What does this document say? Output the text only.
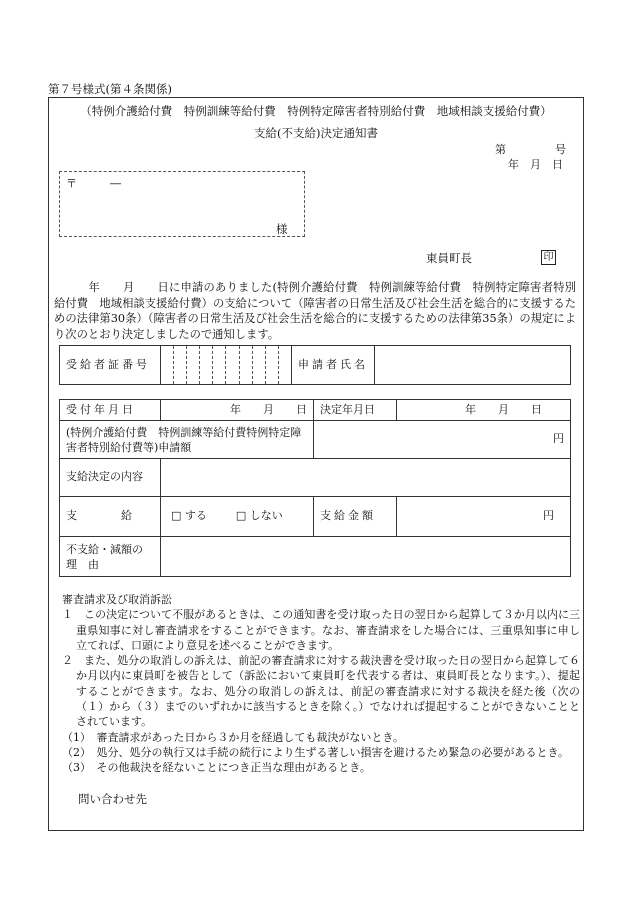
第７号様式(第４条関係)
（特例介護給付費　特例訓練等給付費　特例特定障害者特別給付費　地域相談支援給付費）
支給(不支給)決定通知書
第	号
年　月　日
〒	―
様
東員町長	印
　　　年　　月　　日に申請のありました(特例介護給付費　特例訓練等給付費　特例特定障害者特別給付費　地域相談支援給付費）の支給について（障害者の日常生活及び社会生活を総合的に支援するための法律第30条）（障害者の日常生活及び社会生活を総合的に支援するための法律第35条）の規定により次のとおり決定しましたので通知します。
受給者証番号		申請者氏名	
受付年月日	年　　月　　日	決定年月日	年　　月　　日
(特例介護給付費　特例訓練等給付費特例特定障害者特別給付費等)申請額		円	
支給決定の内容			
支　　　　給	□ する □ しない	支給金額	円
不支給・減額の　理　由			

審査請求及び取消訴訟

１　この決定について不服があるときは、この通知書を受け取った日の翌日から起算して３か月以内に三重県知事に対し審査請求をすることができます。なお、審査請求をした場合には、三重県知事に申し立てれば、口頭により意見を述べることができます。

２　また、処分の取消しの訴えは、前記の審査請求に対する裁決書を受け取った日の翌日から起算して６か月以内に東員町を被告として（訴訟において東員町を代表する者は、東員町長となります。）、提起することができます。なお、処分の取消しの訴えは、前記の審査請求に対する裁決を経た後（次の（１）から（３）までのいずれかに該当するときを除く。）でなければ提起することができないこととされています。

（1）　審査請求があった日から３か月を経過しても裁決がないとき。

（2）　処分、処分の執行又は手続の続行により生ずる著しい損害を避けるため緊急の必要があるとき。

（3）　その他裁決を経ないことにつき正当な理由があるとき。

問い合わせ先
